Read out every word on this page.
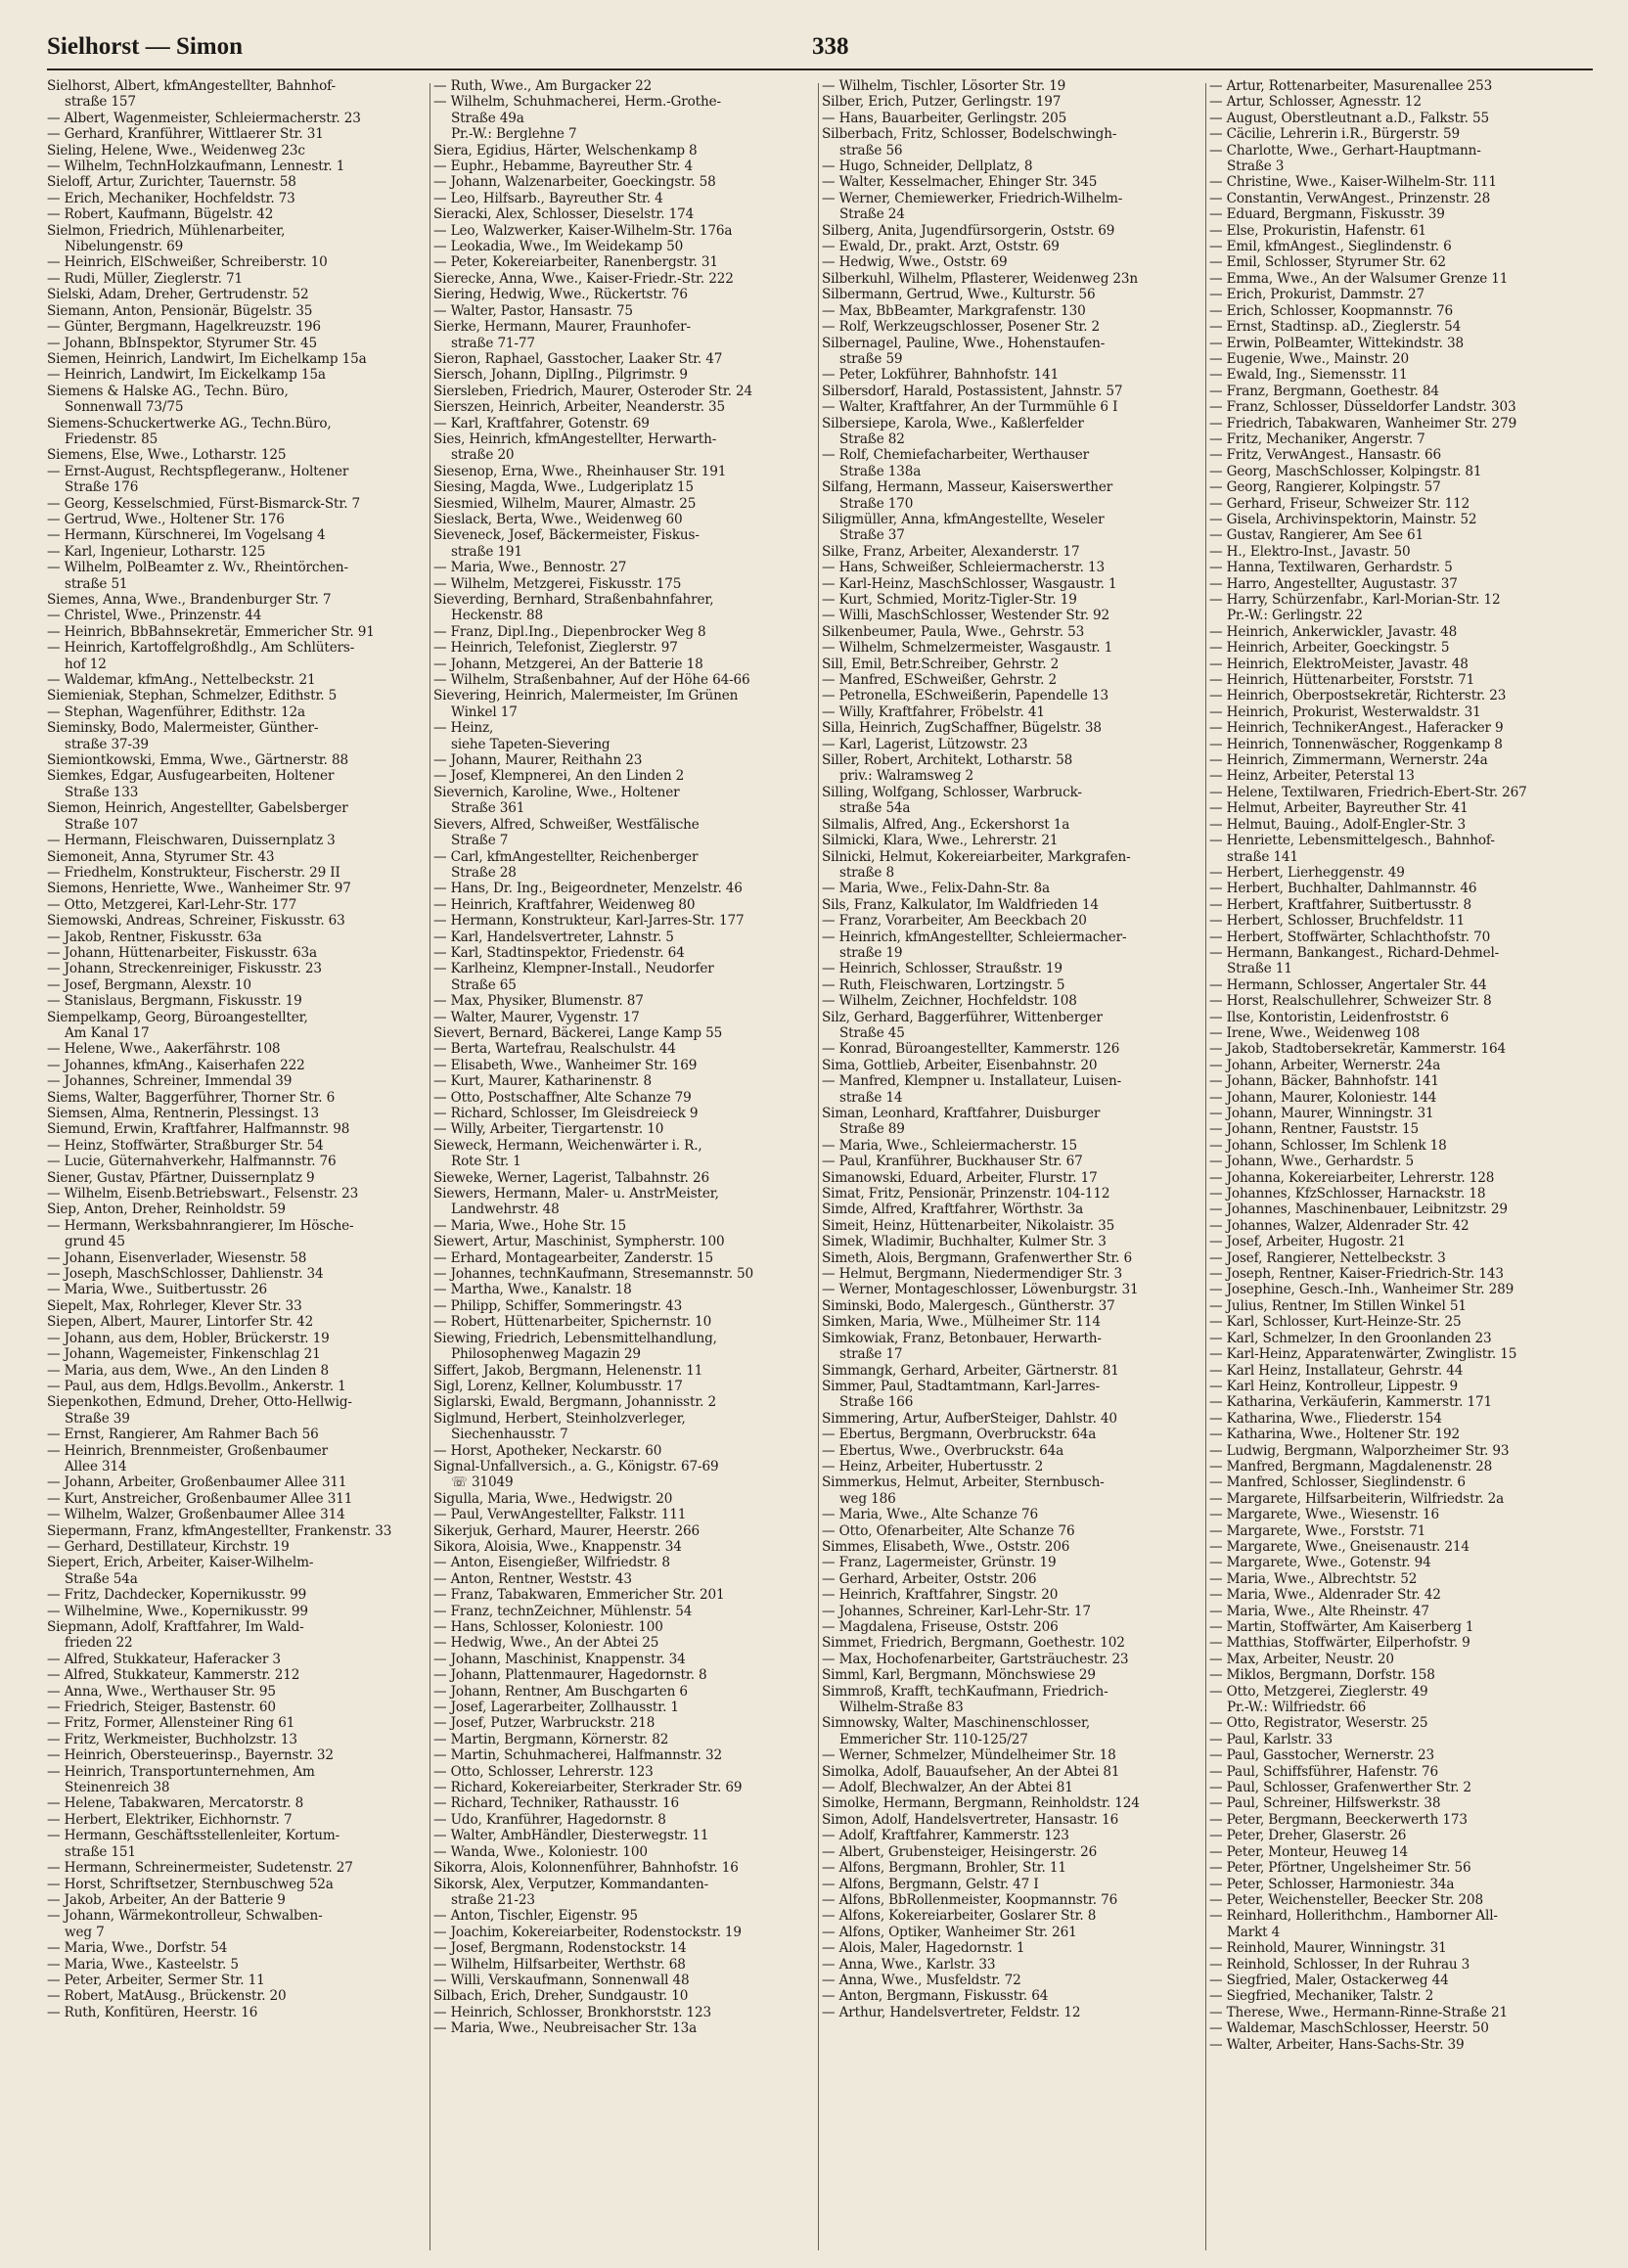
Sielhorst — Simon	338
Sielhorst, Albert, kfmAngestellter, Bahnhof-
straße 157
— Albert, Wagenmeister, Schleiermacherstr. 23
— Gerhard, Kranführer, Wittlaerer Str. 31
Sieling, Helene, Wwe., Weidenweg 23c
— Wilhelm, TechnHolzkaufmann, Lennestr. 1
Sieloff, Artur, Zurichter, Tauernstr. 58
— Erich, Mechaniker, Hochfeldstr. 73
— Robert, Kaufmann, Bügelstr. 42
Sielmon, Friedrich, Mühlenarbeiter,
Nibelungenstr. 69
— Heinrich, ElSchweißer, Schreiberstr. 10
— Rudi, Müller, Zieglerstr. 71
Sielski, Adam, Dreher, Gertrudenstr. 52
Siemann, Anton, Pensionär, Bügelstr. 35
— Günter, Bergmann, Hagelkreuzstr. 196
— Johann, BbInspektor, Styrumer Str. 45
Siemen, Heinrich, Landwirt, Im Eichelkamp 15a
— Heinrich, Landwirt, Im Eickelkamp 15a
Siemens & Halske AG., Techn. Büro,
Sonnenwall 73/75
Siemens-Schuckertwerke AG., Techn.Büro,
Friedenstr. 85
Siemens, Else, Wwe., Lotharstr. 125
— Ernst-August, Rechtspflegeranw., Holtener
Straße 176
— Georg, Kesselschmied, Fürst-Bismarck-Str. 7
— Gertrud, Wwe., Holtener Str. 176
— Hermann, Kürschnerei, Im Vogelsang 4
— Karl, Ingenieur, Lotharstr. 125
— Wilhelm, PolBeamter z. Wv., Rheintörchen-
straße 51
Siemes, Anna, Wwe., Brandenburger Str. 7
— Christel, Wwe., Prinzenstr. 44
— Heinrich, BbBahnsekretär, Emmericher Str. 91
— Heinrich, Kartoffelgroßhdlg., Am Schlüters-
hof 12
— Waldemar, kfmAng., Nettelbeckstr. 21
Siemieniak, Stephan, Schmelzer, Edithstr. 5
— Stephan, Wagenführer, Edithstr. 12a
Sieminsky, Bodo, Malermeister, Günther-
straße 37-39
Siemiontkowski, Emma, Wwe., Gärtnerstr. 88
Siemkes, Edgar, Ausfugearbeiten, Holtener
Straße 133
Siemon, Heinrich, Angestellter, Gabelsberger
Straße 107
— Hermann, Fleischwaren, Duissernplatz 3
Siemoneit, Anna, Styrumer Str. 43
— Friedhelm, Konstrukteur, Fischerstr. 29 II
Siemons, Henriette, Wwe., Wanheimer Str. 97
— Otto, Metzgerei, Karl-Lehr-Str. 177
Siemowski, Andreas, Schreiner, Fiskusstr. 63
— Jakob, Rentner, Fiskusstr. 63a
— Johann, Hüttenarbeiter, Fiskusstr. 63a
— Johann, Streckenreiniger, Fiskusstr. 23
— Josef, Bergmann, Alexstr. 10
— Stanislaus, Bergmann, Fiskusstr. 19
Siempelkamp, Georg, Büroangestellter,
Am Kanal 17
— Helene, Wwe., Aakerfährstr. 108
— Johannes, kfmAng., Kaiserhafen 222
— Johannes, Schreiner, Immendal 39
Siems, Walter, Baggerführer, Thorner Str. 6
Siemsen, Alma, Rentnerin, Plessingst. 13
Siemund, Erwin, Kraftfahrer, Halfmannstr. 98
— Heinz, Stoffwärter, Straßburger Str. 54
— Lucie, Güternahverkehr, Halfmannstr. 76
Siener, Gustav, Pfärtner, Duissernplatz 9
— Wilhelm, Eisenb.Betriebswart., Felsenstr. 23
Siep, Anton, Dreher, Reinholdstr. 59
— Hermann, Werksbahnrangierer, Im Hösche-
grund 45
— Johann, Eisenverlader, Wiesenstr. 58
— Joseph, MaschSchlosser, Dahlienstr. 34
— Maria, Wwe., Suitbertusstr. 26
Siepelt, Max, Rohrleger, Klever Str. 33
Siepen, Albert, Maurer, Lintorfer Str. 42
— Johann, aus dem, Hobler, Brückerstr. 19
— Johann, Wagemeister, Finkenschlag 21
— Maria, aus dem, Wwe., An den Linden 8
— Paul, aus dem, Hdlgs.Bevollm., Ankerstr. 1
Siepenkothen, Edmund, Dreher, Otto-Hellwig-
Straße 39
— Ernst, Rangierer, Am Rahmer Bach 56
— Heinrich, Brennmeister, Großenbaumer
Allee 314
— Johann, Arbeiter, Großenbaumer Allee 311
— Kurt, Anstreicher, Großenbaumer Allee 311
— Wilhelm, Walzer, Großenbaumer Allee 314
Siepermann, Franz, kfmAngestellter, Frankenstr. 33
— Gerhard, Destillateur, Kirchstr. 19
Siepert, Erich, Arbeiter, Kaiser-Wilhelm-
Straße 54a
— Fritz, Dachdecker, Kopernikusstr. 99
— Wilhelmine, Wwe., Kopernikusstr. 99
Siepmann, Adolf, Kraftfahrer, Im Wald-
frieden 22
— Alfred, Stukkateur, Haferacker 3
— Alfred, Stukkateur, Kammerstr. 212
— Anna, Wwe., Werthauser Str. 95
— Friedrich, Steiger, Bastenstr. 60
— Fritz, Former, Allensteiner Ring 61
— Fritz, Werkmeister, Buchholzstr. 13
— Heinrich, Obersteuerinsp., Bayernstr. 32
— Heinrich, Transportunternehmen, Am
Steinenreich 38
— Helene, Tabakwaren, Mercatorstr. 8
— Herbert, Elektriker, Eichhornstr. 7
— Hermann, Geschäftsstellenleiter, Kortum-
straße 151
— Hermann, Schreinermeister, Sudetenstr. 27
— Horst, Schriftsetzer, Sternbuschweg 52a
— Jakob, Arbeiter, An der Batterie 9
— Johann, Wärmekontrolleur, Schwalben-
weg 7
— Maria, Wwe., Dorfstr. 54
— Maria, Wwe., Kasteelstr. 5
— Peter, Arbeiter, Sermer Str. 11
— Robert, MatAusg., Brückenstr. 20
— Ruth, Konfitüren, Heerstr. 16
— Ruth, Wwe., Am Burgacker 22
— Wilhelm, Schuhmacherei, Herm.-Grothe-
Straße 49a
Pr.-W.: Berglehne 7
Siera, Egidius, Härter, Welschenkamp 8
— Euphr., Hebamme, Bayreuther Str. 4
— Johann, Walzenarbeiter, Goeckingstr. 58
— Leo, Hilfsarb., Bayreuther Str. 4
Sieracki, Alex, Schlosser, Dieselstr. 174
— Leo, Walzwerker, Kaiser-Wilhelm-Str. 176a
— Leokadia, Wwe., Im Weidekamp 50
— Peter, Kokereiarbeiter, Ranenbergstr. 31
Sierecke, Anna, Wwe., Kaiser-Friedr.-Str. 222
Siering, Hedwig, Wwe., Rückertstr. 76
— Walter, Pastor, Hansastr. 75
Sierke, Hermann, Maurer, Fraunhofer-
straße 71-77
Sieron, Raphael, Gasstocher, Laaker Str. 47
Siersch, Johann, DiplIng., Pilgrimstr. 9
Siersleben, Friedrich, Maurer, Osteroder Str. 24
Sierszen, Heinrich, Arbeiter, Neanderstr. 35
— Karl, Kraftfahrer, Gotenstr. 69
Sies, Heinrich, kfmAngestellter, Herwarth-
straße 20
Siesenop, Erna, Wwe., Rheinhauser Str. 191
Siesing, Magda, Wwe., Ludgeriplatz 15
Siesmied, Wilhelm, Maurer, Almastr. 25
Sieslack, Berta, Wwe., Weidenweg 60
Sieveneck, Josef, Bäckermeister, Fiskus-
straße 191
— Maria, Wwe., Bennostr. 27
— Wilhelm, Metzgerei, Fiskusstr. 175
Sieverding, Bernhard, Straßenbahnfahrer,
Heckenstr. 88
— Franz, Dipl.Ing., Diepenbrocker Weg 8
— Heinrich, Telefonist, Zieglerstr. 97
— Johann, Metzgerei, An der Batterie 18
— Wilhelm, Straßenbahner, Auf der Höhe 64-66
Sievering, Heinrich, Malermeister, Im Grünen
Winkel 17
— Heinz,
siehe Tapeten-Sievering
— Johann, Maurer, Reithahn 23
— Josef, Klempnerei, An den Linden 2
Sievernich, Karoline, Wwe., Holtener
Straße 361
Sievers, Alfred, Schweißer, Westfälische
Straße 7
— Carl, kfmAngestellter, Reichenberger
Straße 28
— Hans, Dr. Ing., Beigeordneter, Menzelstr. 46
— Heinrich, Kraftfahrer, Weidenweg 80
— Hermann, Konstrukteur, Karl-Jarres-Str. 177
— Karl, Handelsvertreter, Lahnstr. 5
— Karl, Stadtinspektor, Friedenstr. 64
— Karlheinz, Klempner-Install., Neudorfer
Straße 65
— Max, Physiker, Blumenstr. 87
— Walter, Maurer, Vygenstr. 17
Sievert, Bernard, Bäckerei, Lange Kamp 55
— Berta, Wartefrau, Realschulstr. 44
— Elisabeth, Wwe., Wanheimer Str. 169
— Kurt, Maurer, Katharinenstr. 8
— Otto, Postschaffner, Alte Schanze 79
— Richard, Schlosser, Im Gleisdreieck 9
— Willy, Arbeiter, Tiergartenstr. 10
Sieweck, Hermann, Weichenwärter i. R.,
Rote Str. 1
Sieweke, Werner, Lagerist, Talbahnstr. 26
Siewers, Hermann, Maler- u. AnstrMeister,
Landwehrstr. 48
— Maria, Wwe., Hohe Str. 15
Siewert, Artur, Maschinist, Sympherstr. 100
— Erhard, Montagearbeiter, Zanderstr. 15
— Johannes, technKaufmann, Stresemannstr. 50
— Martha, Wwe., Kanalstr. 18
— Philipp, Schiffer, Sommeringstr. 43
— Robert, Hüttenarbeiter, Spichernstr. 10
Siewing, Friedrich, Lebensmittelhandlung,
Philosophenweg Magazin 29
Siffert, Jakob, Bergmann, Helenenstr. 11
Sigl, Lorenz, Kellner, Kolumbusstr. 17
Siglarski, Ewald, Bergmann, Johannisstr. 2
Siglmund, Herbert, Steinholzverleger,
Siechenhausstr. 7
— Horst, Apotheker, Neckarstr. 60
Signal-Unfallversich., a. G., Königstr. 67-69
☏ 31049
Sigulla, Maria, Wwe., Hedwigstr. 20
— Paul, VerwAngestellter, Falkstr. 111
Sikerjuk, Gerhard, Maurer, Heerstr. 266
Sikora, Aloisia, Wwe., Knappenstr. 34
— Anton, Eisengießer, Wilfriedstr. 8
— Anton, Rentner, Weststr. 43
— Franz, Tabakwaren, Emmericher Str. 201
— Franz, technZeichner, Mühlenstr. 54
— Hans, Schlosser, Koloniestr. 100
— Hedwig, Wwe., An der Abtei 25
— Johann, Maschinist, Knappenstr. 34
— Johann, Plattenmaurer, Hagedornstr. 8
— Johann, Rentner, Am Buschgarten 6
— Josef, Lagerarbeiter, Zollhausstr. 1
— Josef, Putzer, Warbruckstr. 218
— Martin, Bergmann, Körnerstr. 82
— Martin, Schuhmacherei, Halfmannstr. 32
— Otto, Schlosser, Lehrerstr. 123
— Richard, Kokereiarbeiter, Sterkrader Str. 69
— Richard, Techniker, Rathausstr. 16
— Udo, Kranführer, Hagedornstr. 8
— Walter, AmbHändler, Diesterwegstr. 11
— Wanda, Wwe., Koloniestr. 100
Sikorra, Alois, Kolonnenführer, Bahnhofstr. 16
Sikorsk, Alex, Verputzer, Kommandanten-
straße 21-23
— Anton, Tischler, Eigenstr. 95
— Joachim, Kokereiarbeiter, Rodenstockstr. 19
— Josef, Bergmann, Rodenstockstr. 14
— Wilhelm, Hilfsarbeiter, Werthstr. 68
— Willi, Verskaufmann, Sonnenwall 48
Silbach, Erich, Dreher, Sundgaustr. 10
— Heinrich, Schlosser, Bronkhorststr. 123
— Maria, Wwe., Neubreisacher Str. 13a
— Wilhelm, Tischler, Lösorter Str. 19
Silber, Erich, Putzer, Gerlingstr. 197
— Hans, Bauarbeiter, Gerlingstr. 205
Silberbach, Fritz, Schlosser, Bodelschwingh-
straße 56
— Hugo, Schneider, Dellplatz, 8
— Walter, Kesselmacher, Ehinger Str. 345
— Werner, Chemiewerker, Friedrich-Wilhelm-
Straße 24
Silberg, Anita, Jugendfürsorgerin, Oststr. 69
— Ewald, Dr., prakt. Arzt, Oststr. 69
— Hedwig, Wwe., Oststr. 69
Silberkuhl, Wilhelm, Pflasterer, Weidenweg 23n
Silbermann, Gertrud, Wwe., Kulturstr. 56
— Max, BbBeamter, Markgrafenstr. 130
— Rolf, Werkzeugschlosser, Posener Str. 2
Silbernagel, Pauline, Wwe., Hohenstaufen-
straße 59
— Peter, Lokführer, Bahnhofstr. 141
Silbersdorf, Harald, Postassistent, Jahnstr. 57
— Walter, Kraftfahrer, An der Turmmühle 6 I
Silbersiepe, Karola, Wwe., Kaßlerfelder
Straße 82
— Rolf, Chemiefacharbeiter, Werthauser
Straße 138a
Silfang, Hermann, Masseur, Kaiserswerther
Straße 170
Siligmüller, Anna, kfmAngestellte, Weseler
Straße 37
Silke, Franz, Arbeiter, Alexanderstr. 17
— Hans, Schweißer, Schleiermacherstr. 13
— Karl-Heinz, MaschSchlosser, Wasgaustr. 1
— Kurt, Schmied, Moritz-Tigler-Str. 19
— Willi, MaschSchlosser, Westender Str. 92
Silkenbeumer, Paula, Wwe., Gehrstr. 53
— Wilhelm, Schmelzermeister, Wasgaustr. 1
Sill, Emil, Betr.Schreiber, Gehrstr. 2
— Manfred, ESchweißer, Gehrstr. 2
— Petronella, ESchweißerin, Papendelle 13
— Willy, Kraftfahrer, Fröbelstr. 41
Silla, Heinrich, ZugSchaffner, Bügelstr. 38
— Karl, Lagerist, Lützowstr. 23
Siller, Robert, Architekt, Lotharstr. 58
priv.: Walramsweg 2
Silling, Wolfgang, Schlosser, Warbruck-
straße 54a
Silmalis, Alfred, Ang., Eckershorst 1a
Silmicki, Klara, Wwe., Lehrerstr. 21
Silnicki, Helmut, Kokereiarbeiter, Markgrafen-
straße 8
— Maria, Wwe., Felix-Dahn-Str. 8a
Sils, Franz, Kalkulator, Im Waldfrieden 14
— Franz, Vorarbeiter, Am Beeckbach 20
— Heinrich, kfmAngestellter, Schleiermacher-
straße 19
— Heinrich, Schlosser, Straußstr. 19
— Ruth, Fleischwaren, Lortzingstr. 5
— Wilhelm, Zeichner, Hochfeldstr. 108
Silz, Gerhard, Baggerführer, Wittenberger
Straße 45
— Konrad, Büroangestellter, Kammerstr. 126
Sima, Gottlieb, Arbeiter, Eisenbahnstr. 20
— Manfred, Klempner u. Installateur, Luisen-
straße 14
Siman, Leonhard, Kraftfahrer, Duisburger
Straße 89
— Maria, Wwe., Schleiermacherstr. 15
— Paul, Kranführer, Buckhauser Str. 67
Simanowski, Eduard, Arbeiter, Flurstr. 17
Simat, Fritz, Pensionär, Prinzenstr. 104-112
Simde, Alfred, Kraftfahrer, Wörthstr. 3a
Simeit, Heinz, Hüttenarbeiter, Nikolaistr. 35
Simek, Wladimir, Buchhalter, Kulmer Str. 3
Simeth, Alois, Bergmann, Grafenwerther Str. 6
— Helmut, Bergmann, Niedermendiger Str. 3
— Werner, Montageschlosser, Löwenburgstr. 31
Siminski, Bodo, Malergesch., Güntherstr. 37
Simken, Maria, Wwe., Mülheimer Str. 114
Simkowiak, Franz, Betonbauer, Herwarth-
straße 17
Simmangk, Gerhard, Arbeiter, Gärtnerstr. 81
Simmer, Paul, Stadtamtmann, Karl-Jarres-
Straße 166
Simmering, Artur, AufberSteiger, Dahlstr. 40
— Ebertus, Bergmann, Overbruckstr. 64a
— Ebertus, Wwe., Overbruckstr. 64a
— Heinz, Arbeiter, Hubertusstr. 2
Simmerkus, Helmut, Arbeiter, Sternbusch-
weg 186
— Maria, Wwe., Alte Schanze 76
— Otto, Ofenarbeiter, Alte Schanze 76
Simmes, Elisabeth, Wwe., Oststr. 206
— Franz, Lagermeister, Grünstr. 19
— Gerhard, Arbeiter, Oststr. 206
— Heinrich, Kraftfahrer, Singstr. 20
— Johannes, Schreiner, Karl-Lehr-Str. 17
— Magdalena, Friseuse, Oststr. 206
Simmet, Friedrich, Bergmann, Goethestr. 102
— Max, Hochofenarbeiter, Gartsträuchestr. 23
Simml, Karl, Bergmann, Mönchswiese 29
Simmroß, Krafft, techKaufmann, Friedrich-
Wilhelm-Straße 83
Simnowsky, Walter, Maschinenschlosser,
Emmericher Str. 110-125/27
— Werner, Schmelzer, Mündelheimer Str. 18
Simolka, Adolf, Bauaufseher, An der Abtei 81
— Adolf, Blechwalzer, An der Abtei 81
Simolke, Hermann, Bergmann, Reinholdstr. 124
Simon, Adolf, Handelsvertreter, Hansastr. 16
— Adolf, Kraftfahrer, Kammerstr. 123
— Albert, Grubensteiger, Heisingerstr. 26
— Alfons, Bergmann, Brohler, Str. 11
— Alfons, Bergmann, Gelstr. 47 I
— Alfons, BbRollenmeister, Koopmannstr. 76
— Alfons, Kokereiarbeiter, Goslarer Str. 8
— Alfons, Optiker, Wanheimer Str. 261
— Alois, Maler, Hagedornstr. 1
— Anna, Wwe., Karlstr. 33
— Anna, Wwe., Musfeldstr. 72
— Anton, Bergmann, Fiskusstr. 64
— Arthur, Handelsvertreter, Feldstr. 12
— Artur, Rottenarbeiter, Masurenallee 253
— Artur, Schlosser, Agnesstr. 12
— August, Oberstleutnant a.D., Falkstr. 55
— Cäcilie, Lehrerin i.R., Bürgerstr. 59
— Charlotte, Wwe., Gerhart-Hauptmann-
Straße 3
— Christine, Wwe., Kaiser-Wilhelm-Str. 111
— Constantin, VerwAngest., Prinzenstr. 28
— Eduard, Bergmann, Fiskusstr. 39
— Else, Prokuristin, Hafenstr. 61
— Emil, kfmAngest., Sieglindenstr. 6
— Emil, Schlosser, Styrumer Str. 62
— Emma, Wwe., An der Walsumer Grenze 11
— Erich, Prokurist, Dammstr. 27
— Erich, Schlosser, Koopmannstr. 76
— Ernst, Stadtinsp. aD., Zieglerstr. 54
— Erwin, PolBeamter, Wittekindstr. 38
— Eugenie, Wwe., Mainstr. 20
— Ewald, Ing., Siemensstr. 11
— Franz, Bergmann, Goethestr. 84
— Franz, Schlosser, Düsseldorfer Landstr. 303
— Friedrich, Tabakwaren, Wanheimer Str. 279
— Fritz, Mechaniker, Angerstr. 7
— Fritz, VerwAngest., Hansastr. 66
— Georg, MaschSchlosser, Kolpingstr. 81
— Georg, Rangierer, Kolpingstr. 57
— Gerhard, Friseur, Schweizer Str. 112
— Gisela, Archivinspektorin, Mainstr. 52
— Gustav, Rangierer, Am See 61
— H., Elektro-Inst., Javastr. 50
— Hanna, Textilwaren, Gerhardstr. 5
— Harro, Angestellter, Augustastr. 37
— Harry, Schürzenfabr., Karl-Morian-Str. 12
Pr.-W.: Gerlingstr. 22
— Heinrich, Ankerwickler, Javastr. 48
— Heinrich, Arbeiter, Goeckingstr. 5
— Heinrich, ElektroMeister, Javastr. 48
— Heinrich, Hüttenarbeiter, Forststr. 71
— Heinrich, Oberpostsekretär, Richterstr. 23
— Heinrich, Prokurist, Westerwaldstr. 31
— Heinrich, TechnikerAngest., Haferacker 9
— Heinrich, Tonnenwäscher, Roggenkamp 8
— Heinrich, Zimmermann, Wernerstr. 24a
— Heinz, Arbeiter, Peterstal 13
— Helene, Textilwaren, Friedrich-Ebert-Str. 267
— Helmut, Arbeiter, Bayreuther Str. 41
— Helmut, Bauing., Adolf-Engler-Str. 3
— Henriette, Lebensmittelgesch., Bahnhof-
straße 141
— Herbert, Lierheggenstr. 49
— Herbert, Buchhalter, Dahlmannstr. 46
— Herbert, Kraftfahrer, Suitbertusstr. 8
— Herbert, Schlosser, Bruchfeldstr. 11
— Herbert, Stoffwärter, Schlachthofstr. 70
— Hermann, Bankangest., Richard-Dehmel-
Straße 11
— Hermann, Schlosser, Angertaler Str. 44
— Horst, Realschullehrer, Schweizer Str. 8
— Ilse, Kontoristin, Leidenfroststr. 6
— Irene, Wwe., Weidenweg 108
— Jakob, Stadtobersekretär, Kammerstr. 164
— Johann, Arbeiter, Wernerstr. 24a
— Johann, Bäcker, Bahnhofstr. 141
— Johann, Maurer, Koloniestr. 144
— Johann, Maurer, Winningstr. 31
— Johann, Rentner, Fauststr. 15
— Johann, Schlosser, Im Schlenk 18
— Johann, Wwe., Gerhardstr. 5
— Johanna, Kokereiarbeiter, Lehrerstr. 128
— Johannes, KfzSchlosser, Harnackstr. 18
— Johannes, Maschinenbauer, Leibnitzstr. 29
— Johannes, Walzer, Aldenrader Str. 42
— Josef, Arbeiter, Hugostr. 21
— Josef, Rangierer, Nettelbeckstr. 3
— Joseph, Rentner, Kaiser-Friedrich-Str. 143
— Josephine, Gesch.-Inh., Wanheimer Str. 289
— Julius, Rentner, Im Stillen Winkel 51
— Karl, Schlosser, Kurt-Heinze-Str. 25
— Karl, Schmelzer, In den Groonlanden 23
— Karl-Heinz, Apparatenwärter, Zwinglistr. 15
— Karl Heinz, Installateur, Gehrstr. 44
— Karl Heinz, Kontrolleur, Lippestr. 9
— Katharina, Verkäuferin, Kammerstr. 171
— Katharina, Wwe., Fliederstr. 154
— Katharina, Wwe., Holtener Str. 192
— Ludwig, Bergmann, Walporzheimer Str. 93
— Manfred, Bergmann, Magdalenenstr. 28
— Manfred, Schlosser, Sieglindenstr. 6
— Margarete, Hilfsarbeiterin, Wilfriedstr. 2a
— Margarete, Wwe., Wiesenstr. 16
— Margarete, Wwe., Forststr. 71
— Margarete, Wwe., Gneisenaustr. 214
— Margarete, Wwe., Gotenstr. 94
— Maria, Wwe., Albrechtstr. 52
— Maria, Wwe., Aldenrader Str. 42
— Maria, Wwe., Alte Rheinstr. 47
— Martin, Stoffwärter, Am Kaiserberg 1
— Matthias, Stoffwärter, Eilperhofstr. 9
— Max, Arbeiter, Neustr. 20
— Miklos, Bergmann, Dorfstr. 158
— Otto, Metzgerei, Zieglerstr. 49
Pr.-W.: Wilfriedstr. 66
— Otto, Registrator, Weserstr. 25
— Paul, Karlstr. 33
— Paul, Gasstocher, Wernerstr. 23
— Paul, Schiffsführer, Hafenstr. 76
— Paul, Schlosser, Grafenwerther Str. 2
— Paul, Schreiner, Hilfswerkstr. 38
— Peter, Bergmann, Beeckerwerth 173
— Peter, Dreher, Glaserstr. 26
— Peter, Monteur, Heuweg 14
— Peter, Pförtner, Ungelsheimer Str. 56
— Peter, Schlosser, Harmoniestr. 34a
— Peter, Weichensteller, Beecker Str. 208
— Reinhard, Hollerithchm., Hamborner All-
Markt 4
— Reinhold, Maurer, Winningstr. 31
— Reinhold, Schlosser, In der Ruhrau 3
— Siegfried, Maler, Ostackerweg 44
— Siegfried, Mechaniker, Talstr. 2
— Therese, Wwe., Hermann-Rinne-Straße 21
— Waldemar, MaschSchlosser, Heerstr. 50
— Walter, Arbeiter, Hans-Sachs-Str. 39
